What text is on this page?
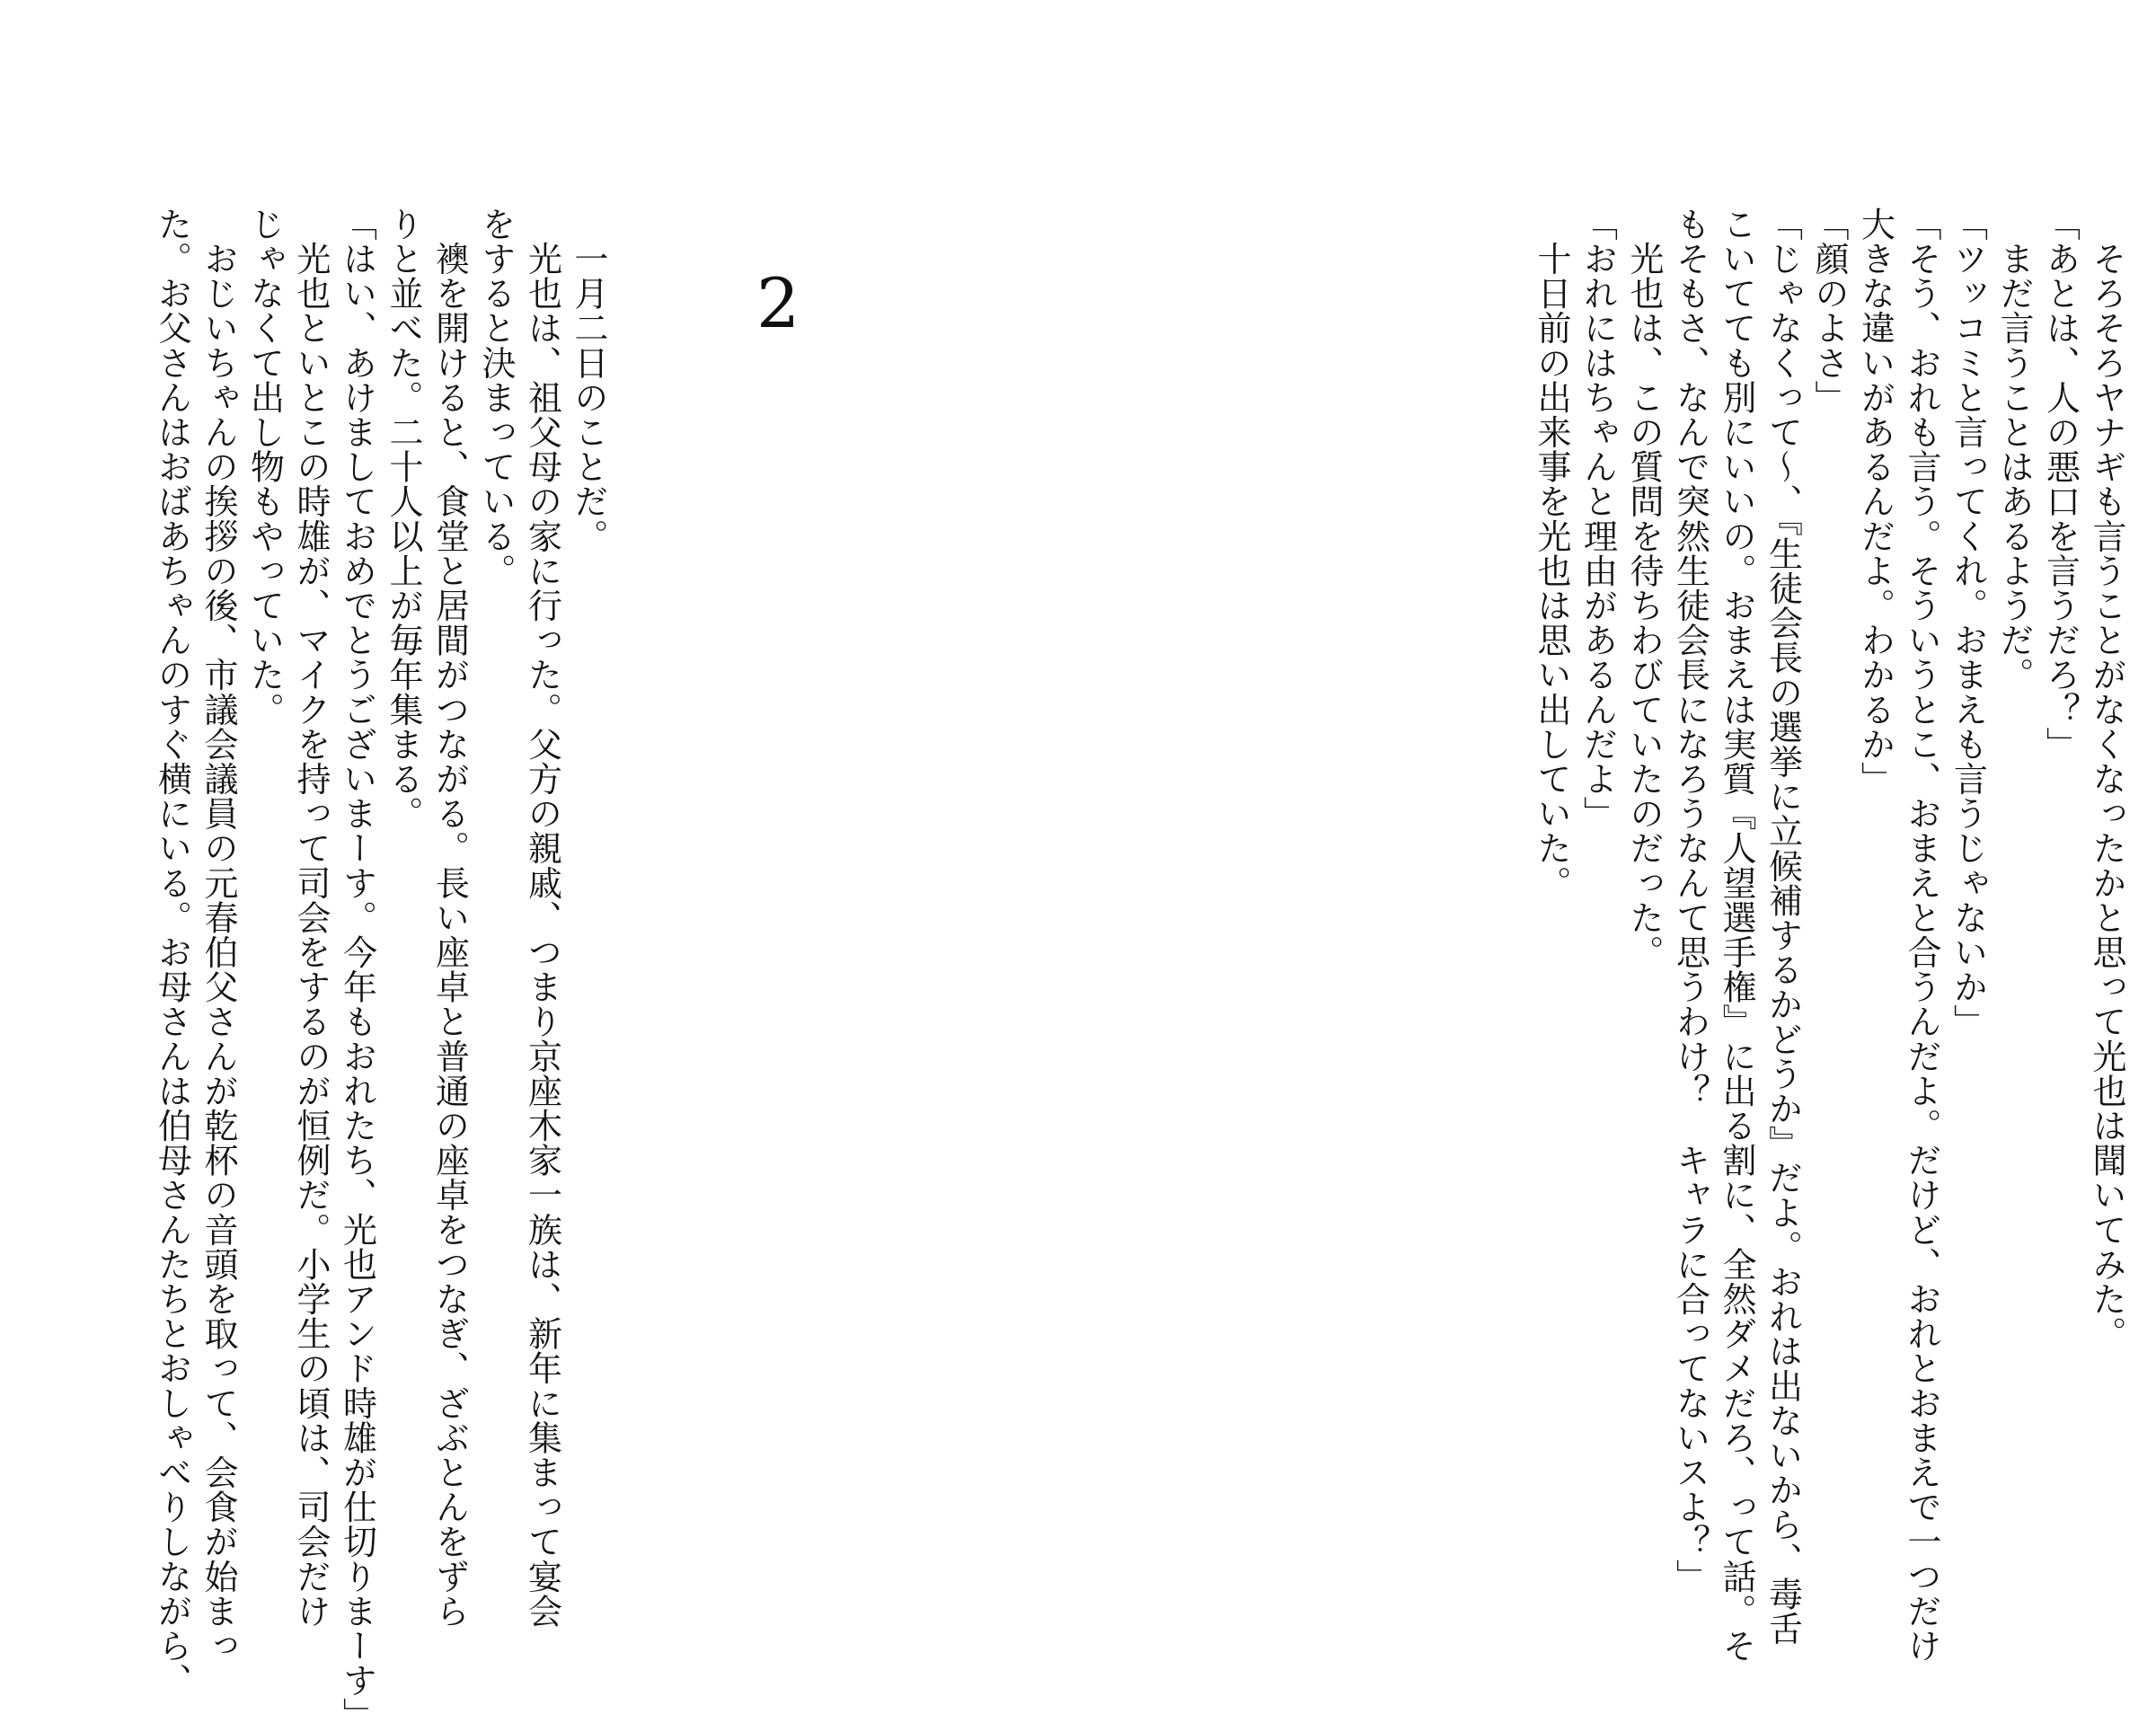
　そろそろヤナギも言うことがなくなったかと思って光也は聞いてみた。

「あとは、人の悪口を言うだろ？」

　まだ言うことはあるようだ。

「ツッコミと言ってくれ。おまえも言うじゃないか」

「そう、おれも言う。そういうとこ、おまえと合うんだよ。だけど、おれとおまえで一つだけ

大きな違いがあるんだよ。わかるか」

「顔のよさ」

「じゃなくって～、『生徒会長の選挙に立候補するかどうか』だよ。おれは出ないから、毒舌

こいてても別にいいの。おまえは実質『人望選手権』に出る割に、全然ダメだろ、って話。そ

もそもさ、なんで突然生徒会長になろうなんて思うわけ？　キャラに合ってないスよ？」

　光也は、この質問を待ちわびていたのだった。

「おれにはちゃんと理由があるんだよ」

　十日前の出来事を光也は思い出していた。

2

　一月二日のことだ。

　光也は、祖父母の家に行った。父方の親戚、つまり京座木家一族は、新年に集まって宴会

をすると決まっている。

　襖を開けると、食堂と居間がつながる。長い座卓と普通の座卓をつなぎ、ざぶとんをずら

りと並べた。二十人以上が毎年集まる。

「はい、あけましておめでとうございまーす。今年もおれたち、光也アンド時雄が仕切りまーす」

　光也といとこの時雄が、マイクを持って司会をするのが恒例だ。小学生の頃は、司会だけ

じゃなくて出し物もやっていた。

　おじいちゃんの挨拶の後、市議会議員の元春伯父さんが乾杯の音頭を取って、会食が始まっ

た。お父さんはおばあちゃんのすぐ横にいる。お母さんは伯母さんたちとおしゃべりしながら、
